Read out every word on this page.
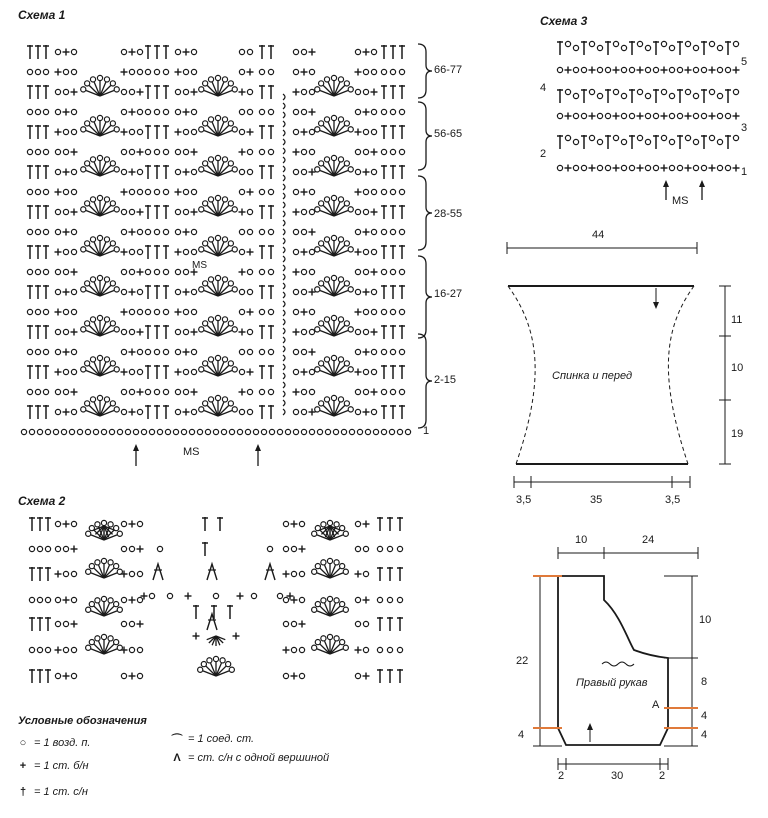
Схема 1
Схема 2
Схема 3
66-77
56-65
28-55
16-27
2-15
1
MS
MS
5
3
1
4
2
MS
44
Спинка и перед
11
10
19
3,5	35	3,5
10	24
22
4
10
8
4
4
Правый рукав
A
2	30	2
Условные обозначения
○ = 1 возд. п.
+ = 1 ст. б/н
† = 1 ст. с/н
⌒ = 1 соед. ст.
Λ = ст. с/н с одной вершиной
